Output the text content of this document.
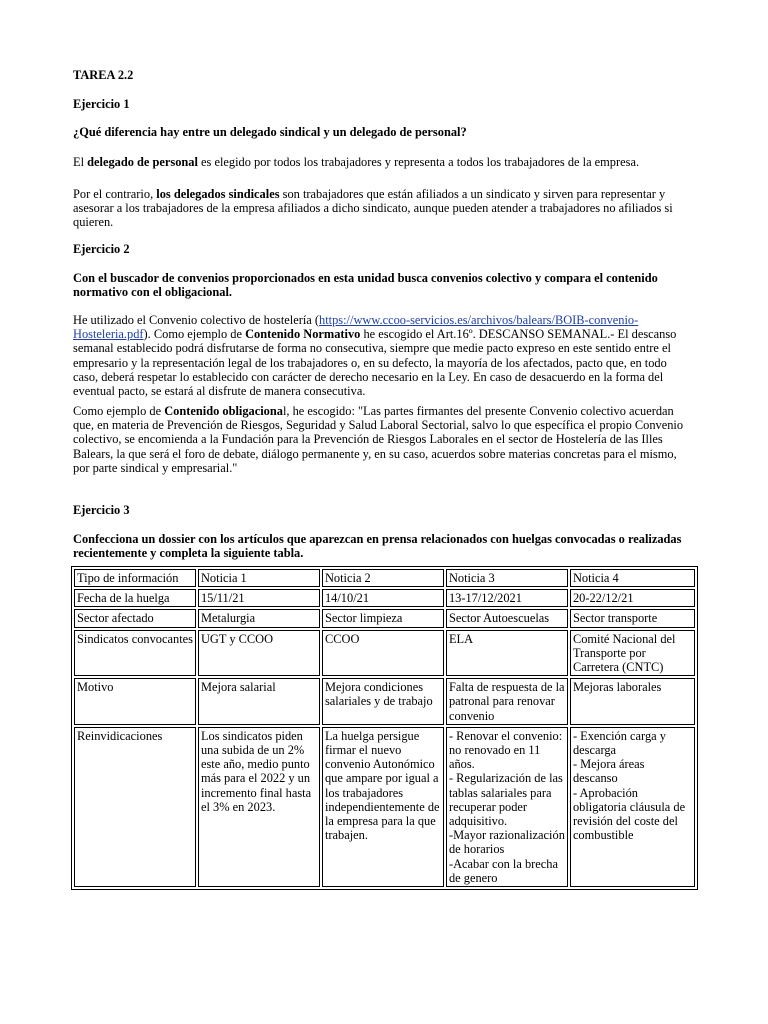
TAREA 2.2

Ejercicio 1

¿Qué diferencia hay entre un delegado sindical y un delegado de personal?

El delegado de personal es elegido por todos los trabajadores y representa a todos los trabajadores de la empresa.

Por el contrario, los delegados sindicales son trabajadores que están afiliados a un sindicato y sirven para representar y asesorar a los trabajadores de la empresa afiliados a dicho sindicato, aunque pueden atender a trabajadores no afiliados si quieren.

Ejercicio 2

Con el buscador de convenios proporcionados en esta unidad busca convenios colectivo y compara el contenido normativo con el obligacional.

He utilizado el Convenio colectivo de hostelería (https://www.ccoo-servicios.es/archivos/balears/BOIB-convenio-Hosteleria.pdf). Como ejemplo de Contenido Normativo he escogido el Art.16º. DESCANSO SEMANAL.- El descanso semanal establecido podrá disfrutarse de forma no consecutiva, siempre que medie pacto expreso en este sentido entre el empresario y la representación legal de los trabajadores o, en su defecto, la mayoría de los afectados, pacto que, en todo caso, deberá respetar lo establecido con carácter de derecho necesario en la Ley. En caso de desacuerdo en la forma del eventual pacto, se estará al disfrute de manera consecutiva.

Como ejemplo de Contenido obligacional, he escogido: "Las partes firmantes del presente Convenio colectivo acuerdan que, en materia de Prevención de Riesgos, Seguridad y Salud Laboral Sectorial, salvo lo que específica el propio Convenio colectivo, se encomienda a la Fundación para la Prevención de Riesgos Laborales en el sector de Hostelería de las Illes Balears, la que será el foro de debate, diálogo permanente y, en su caso, acuerdos sobre materias concretas para el mismo, por parte sindical y empresarial."

Ejercicio 3

Confecciona un dossier con los artículos que aparezcan en prensa relacionados con huelgas convocadas o realizadas recientemente y completa la siguiente tabla.

Tipo de información	Noticia 1	Noticia 2	Noticia 3	Noticia 4
Fecha de la huelga	15/11/21	14/10/21	13-17/12/2021	20-22/12/21
Sector afectado	Metalurgia	Sector limpieza	Sector Autoescuelas	Sector transporte
Sindicatos convocantes	UGT y CCOO	CCOO	ELA	Comité Nacional del Transporte por Carretera (CNTC)
Motivo	Mejora salarial	Mejora condiciones salariales y de trabajo	Falta de respuesta de la patronal para renovar convenio	Mejoras laborales
Reinvidicaciones	Los sindicatos piden una subida de un 2% este año, medio punto más para el 2022 y un incremento final hasta el 3% en 2023.	La huelga persigue firmar el nuevo convenio Autonómico que ampare por igual a los trabajadores independientemente de la empresa para la que trabajen.	- Renovar el convenio: no renovado en 11 años.
- Regularización de las tablas salariales para recuperar poder adquisitivo.
-Mayor razionalización de horarios
-Acabar con la brecha de genero	- Exención carga y descarga
- Mejora áreas descanso
- Aprobación obligatoria cláusula de revisión del coste del combustible
